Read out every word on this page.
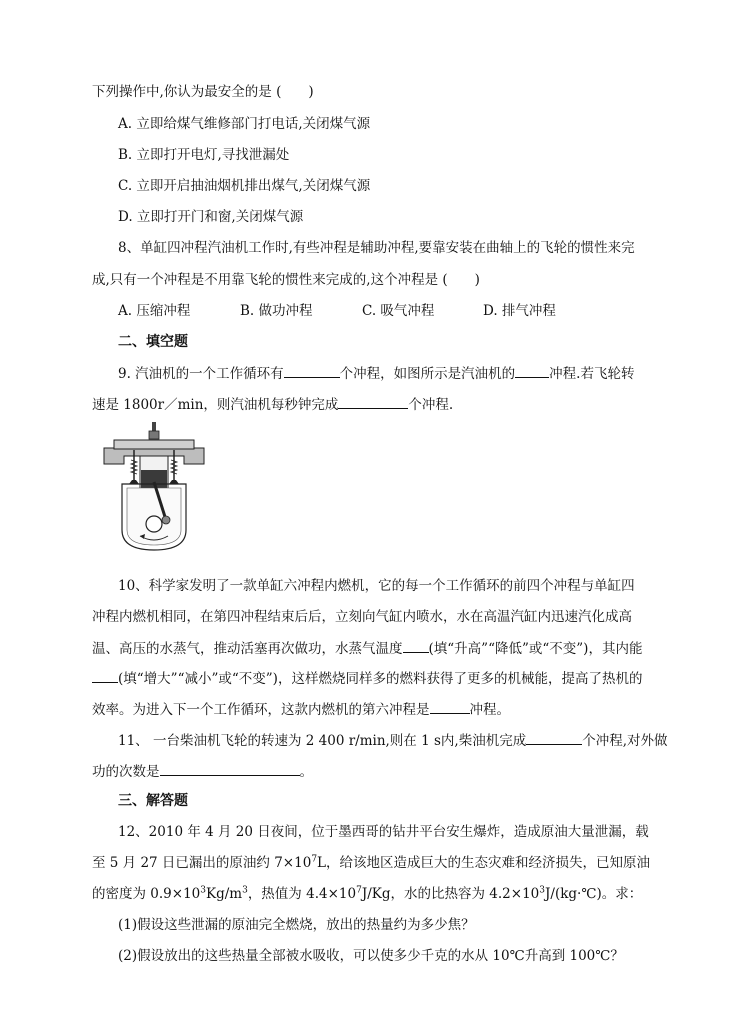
下列操作中,你认为最安全的是 (　　)
A. 立即给煤气维修部门打电话,关闭煤气源
B. 立即打开电灯,寻找泄漏处
C. 立即开启抽油烟机排出煤气,关闭煤气源
D. 立即打开门和窗,关闭煤气源
8、单缸四冲程汽油机工作时,有些冲程是辅助冲程,要靠安装在曲轴上的飞轮的惯性来完
成,只有一个冲程是不用靠飞轮的惯性来完成的,这个冲程是 (　　)
A. 压缩冲程	B. 做功冲程	C. 吸气冲程	D. 排气冲程
二、填空题
9. 汽油机的一个工作循环有	个冲程，如图所示是汽油机的	冲程.若飞轮转
速是 1800r／min，则汽油机每秒钟完成	个冲程.
10、科学家发明了一款单缸六冲程内燃机，它的每一个工作循环的前四个冲程与单缸四
冲程内燃机相同，在第四冲程结束后后，立刻向气缸内喷水，水在高温汽缸内迅速汽化成高
温、高压的水蒸气，推动活塞再次做功，水蒸气温度 (填“升高”“降低”或“不变”)，其内能
(填“增大”“减小”或“不变”)，这样燃烧同样多的燃料获得了更多的机械能，提高了热机的
效率。为进入下一个工作循环，这款内燃机的第六冲程是	冲程。
11、 一台柴油机飞轮的转速为 2 400 r/min,则在 1 s内,柴油机完成	个冲程,对外做
功的次数是	。
三、解答题
12、2010 年 4 月 20 日夜间，位于墨西哥的钻井平台安生爆炸，造成原油大量泄漏，载
至 5 月 27 日已漏出的原油约 $7\times 10^7L$，给该地区造成巨大的生态灾难和经济损失，已知原油
的密度为 $0.9\times 10^3Kg/m^3$，热值为 $4.4\times 10^7J/Kg$，水的比热容为 $4.2\times 10^3J/(kg\cdot℃)$。求：
(1)假设这些泄漏的原油完全燃烧，放出的热量约为多少焦？
(2)假设放出的这些热量全部被水吸收，可以使多少千克的水从 10℃升高到 100℃？
